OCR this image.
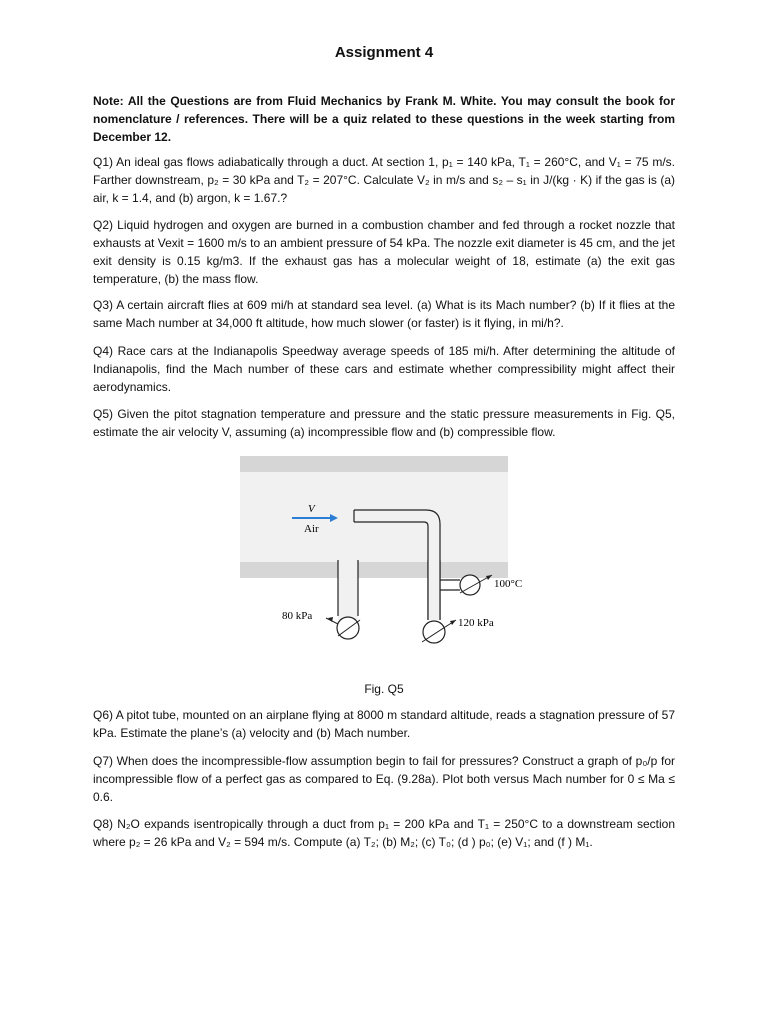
Assignment 4
Note: All the Questions are from Fluid Mechanics by Frank M. White. You may consult the book for nomenclature / references. There will be a quiz related to these questions in the week starting from December 12.
Q1) An ideal gas flows adiabatically through a duct. At section 1, p₁ = 140 kPa, T₁ = 260°C, and V₁ = 75 m/s. Farther downstream, p₂ = 30 kPa and T₂ = 207°C. Calculate V₂ in m/s and s₂ – s₁ in J/(kg · K) if the gas is (a) air, k = 1.4, and (b) argon, k = 1.67.?
Q2) Liquid hydrogen and oxygen are burned in a combustion chamber and fed through a rocket nozzle that exhausts at Vexit = 1600 m/s to an ambient pressure of 54 kPa. The nozzle exit diameter is 45 cm, and the jet exit density is 0.15 kg/m3. If the exhaust gas has a molecular weight of 18, estimate (a) the exit gas temperature, (b) the mass flow.
Q3) A certain aircraft flies at 609 mi/h at standard sea level. (a) What is its Mach number? (b) If it flies at the same Mach number at 34,000 ft altitude, how much slower (or faster) is it flying, in mi/h?.
Q4) Race cars at the Indianapolis Speedway average speeds of 185 mi/h. After determining the altitude of Indianapolis, find the Mach number of these cars and estimate whether compressibility might affect their aerodynamics.
Q5) Given the pitot stagnation temperature and pressure and the static pressure measurements in Fig. Q5, estimate the air velocity V, assuming (a) incompressible flow and (b) compressible flow.
100°C
80 kPa
120 kPa
V
Air
Fig. Q5
Q6) A pitot tube, mounted on an airplane flying at 8000 m standard altitude, reads a stagnation pressure of 57 kPa. Estimate the plane’s (a) velocity and (b) Mach number.
Q7) When does the incompressible-flow assumption begin to fail for pressures? Construct a graph of p₀/p for incompressible flow of a perfect gas as compared to Eq. (9.28a). Plot both versus Mach number for 0 ≤ Ma ≤ 0.6.
Q8) N₂O expands isentropically through a duct from p₁ = 200 kPa and T₁ = 250°C to a downstream section where p₂ = 26 kPa and V₂ = 594 m/s. Compute (a) T₂; (b) M₂; (c) T₀; (d ) p₀; (e) V₁; and (f ) M₁.
